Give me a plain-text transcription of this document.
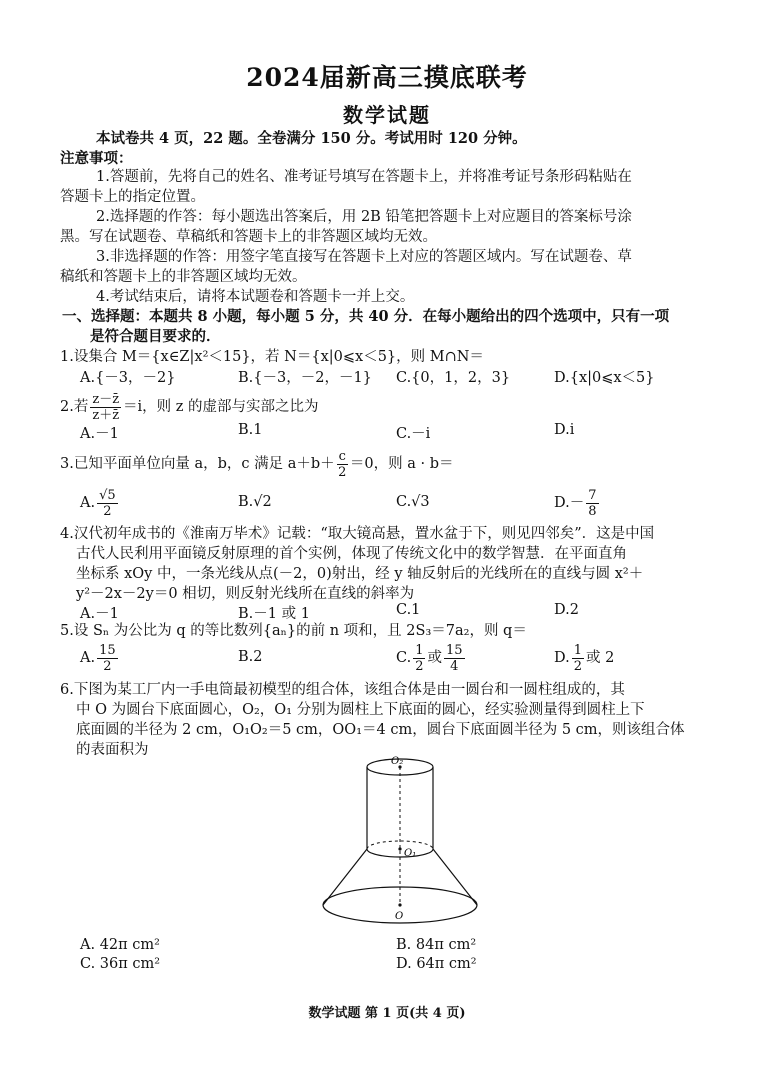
2024届新高三摸底联考
数学试题
本试卷共 4 页，22 题。全卷满分 150 分。考试用时 120 分钟。
注意事项：
1.答题前，先将自己的姓名、准考证号填写在答题卡上，并将准考证号条形码粘贴在
答题卡上的指定位置。
2.选择题的作答：每小题选出答案后，用 2B 铅笔把答题卡上对应题目的答案标号涂
黑。写在试题卷、草稿纸和答题卡上的非答题区域均无效。
3.非选择题的作答：用签字笔直接写在答题卡上对应的答题区域内。写在试题卷、草
稿纸和答题卡上的非答题区域均无效。
4.考试结束后，请将本试题卷和答题卡一并上交。
一、选择题：本题共 8 小题，每小题 5 分，共 40 分．在每小题给出的四个选项中，只有一项
是符合题目要求的．
1.设集合 M＝{x∈Z|x²＜15}，若 N＝{x|0⩽x＜5}，则 M∩N＝
A.{－3，－2}	B.{－3，－2，－1} C.{0，1，2，3}	D.{x|0⩽x＜5}
2.若 $\frac{z-z̄}{z+z̄} =i$，则 z 的虚部与实部之比为
A.－1	B.1	C.－i	D.i
3.已知平面单位向量 a，b，c 满足 $a+b+ \frac{c}{2} =0$，则 a · b＝
A. $\frac{√5}{2}$	B.√2	C.√3	$D.- \frac{7}{8}$
4.汉代初年成书的《淮南万毕术》记载：“取大镜高悬，置水盆于下，则见四邻矣”．这是中国
古代人民利用平面镜反射原理的首个实例，体现了传统文化中的数学智慧．在平面直角
坐标系 xOy 中，一条光线从点(－2，0)射出，经 y 轴反射后的光线所在的直线与圆 x²＋
y²－2x－2y＝0 相切，则反射光线所在直线的斜率为
A.－1	B.－1 或 1	C.1	D.2
5.设 Sₙ 为公比为 q 的等比数列{aₙ}的前 n 项和，且 2S₃＝7a₂，则 q＝
A. $\frac{15}{2}$	B.2	C. $\frac{1}{2}$ 或 $\frac{15}{4}$	D. $\frac{1}{2}$ 或 2
6.下图为某工厂内一手电筒最初模型的组合体，该组合体是由一圆台和一圆柱组成的，其
中 O 为圆台下底面圆心，O₂，O₁ 分别为圆柱上下底面的圆心，经实验测量得到圆柱上下
底面圆的半径为 2 cm，O₁O₂＝5 cm，OO₁＝4 cm，圆台下底面圆半径为 5 cm，则该组合体
的表面积为
O₂
O₁
O
A. 42π cm²	B. 84π cm²
C. 36π cm²	D. 64π cm²
数学试题 第 1 页(共 4 页)
